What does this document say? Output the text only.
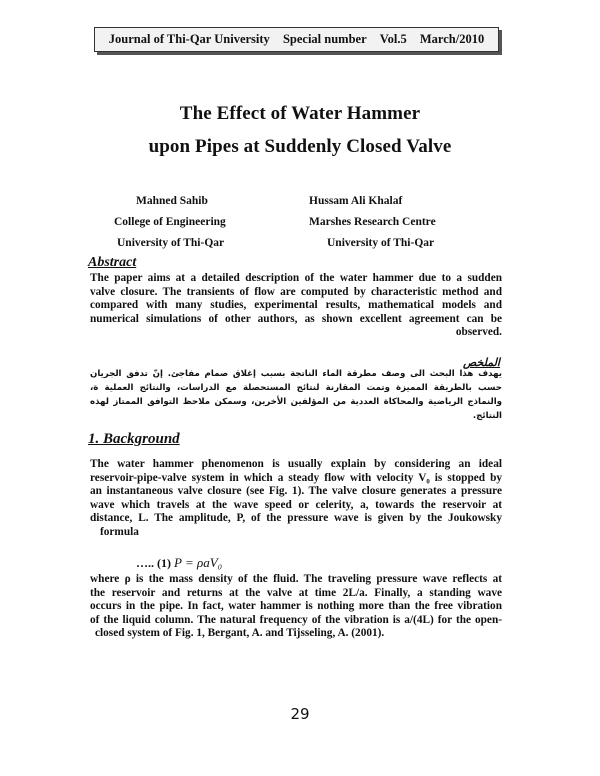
Journal of Thi-Qar University Special number Vol.5 March/2010
The Effect of Water Hammer
upon Pipes at Suddenly Closed Valve
Mahned Sahib
College of Engineering
University of Thi-Qar
Hussam Ali Khalaf
Marshes Research Centre
University of Thi-Qar
Abstract
The paper aims at a detailed description of the water hammer due to a sudden
valve closure. The transients of flow are computed by characteristic method and
compared with many studies, experimental results, mathematical models and
numerical simulations of other authors, as shown excellent agreement can be
observed.
الملخص
يهدف هذا البحث الى وصف مطرقة الماء الناتجة بسبب إغلاق صمام مفاجئ. إنّ تدفق الجريان حسب بالطريقة المميزة وتمت المقارنة لنتائج المستحصلة مع الدراسات، والنتائج العملية ة، والنماذج الرياضية والمحاكاة العددية من المؤلفين الأخرين، وسمكن ملاحظ التوافق الممتاز لهذه النتائج.
1. Background
The water hammer phenomenon is usually explain by considering an ideal
reservoir-pipe-valve system in which a steady flow with velocity V₀ is stopped by
an instantaneous valve closure (see Fig. 1). The valve closure generates a pressure
wave which travels at the wave speed or celerity, a, towards the reservoir at
distance, L. The amplitude, P, of the pressure wave is given by the Joukowsky
formula
….. (1) P = ρaV₀
where ρ is the mass density of the fluid. The traveling pressure wave reflects at
the reservoir and returns at the valve at time 2L/a. Finally, a standing wave
occurs in the pipe. In fact, water hammer is nothing more than the free vibration
of the liquid column. The natural frequency of the vibration is a/(4L) for the open-
closed system of Fig. 1, Bergant, A. and Tijsseling, A. (2001).
29
